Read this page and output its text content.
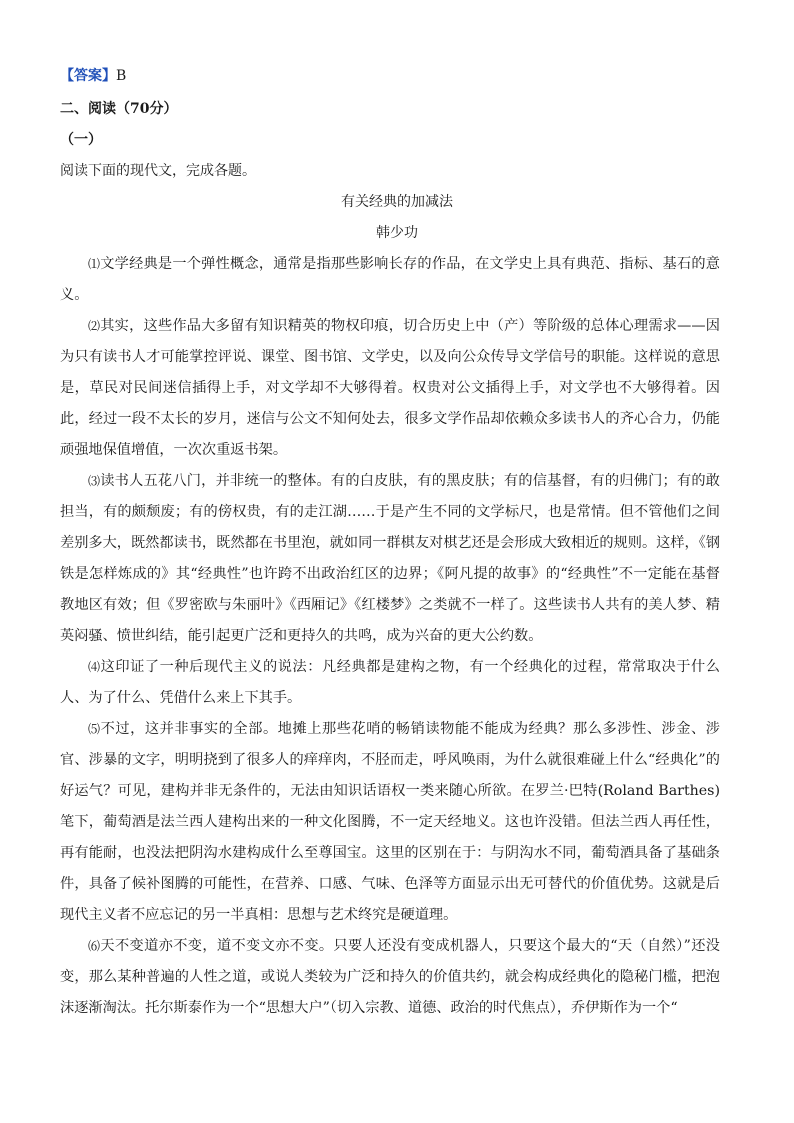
【答案】B
二、阅读（70分）
（一）
阅读下面的现代文，完成各题。
有关经典的加减法
韩少功

⑴文学经典是一个弹性概念，通常是指那些影响长存的作品，在文学史上具有典范、指标、基石的意义。

⑵其实，这些作品大多留有知识精英的物权印痕，切合历史上中（产）等阶级的总体心理需求——因为只有读书人才可能掌控评说、课堂、图书馆、文学史，以及向公众传导文学信号的职能。这样说的意思是，草民对民间迷信插得上手，对文学却不大够得着。权贵对公文插得上手，对文学也不大够得着。因此，经过一段不太长的岁月，迷信与公文不知何处去，很多文学作品却依赖众多读书人的齐心合力，仍能顽强地保值增值，一次次重返书架。

⑶读书人五花八门，并非统一的整体。有的白皮肤，有的黑皮肤；有的信基督，有的归佛门；有的敢担当，有的颇颓废；有的傍权贵，有的走江湖……于是产生不同的文学标尺，也是常情。但不管他们之间差别多大，既然都读书，既然都在书里泡，就如同一群棋友对棋艺还是会形成大致相近的规则。这样，《钢铁是怎样炼成的》其“经典性”也许跨不出政治红区的边界；《阿凡提的故事》的“经典性”不一定能在基督教地区有效；但《罗密欧与朱丽叶》《西厢记》《红楼梦》之类就不一样了。这些读书人共有的美人梦、精英闷骚、愤世纠结，能引起更广泛和更持久的共鸣，成为兴奋的更大公约数。

⑷这印证了一种后现代主义的说法：凡经典都是建构之物，有一个经典化的过程，常常取决于什么人、为了什么、凭借什么来上下其手。

⑸不过，这并非事实的全部。地摊上那些花哨的畅销读物能不能成为经典？那么多涉性、涉金、涉官、涉暴的文字，明明挠到了很多人的痒痒肉，不胫而走，呼风唤雨，为什么就很难碰上什么“经典化”的好运气？可见，建构并非无条件的，无法由知识话语权一类来随心所欲。在罗兰·巴特(Roland Barthes)笔下，葡萄酒是法兰西人建构出来的一种文化图腾，不一定天经地义。这也许没错。但法兰西人再任性，再有能耐，也没法把阴沟水建构成什么至尊国宝。这里的区别在于：与阴沟水不同，葡萄酒具备了基础条件，具备了候补图腾的可能性，在营养、口感、气味、色泽等方面显示出无可替代的价值优势。这就是后现代主义者不应忘记的另一半真相：思想与艺术终究是硬道理。

⑹天不变道亦不变，道不变文亦不变。只要人还没有变成机器人，只要这个最大的“天（自然）”还没变，那么某种普遍的人性之道，或说人类较为广泛和持久的价值共约，就会构成经典化的隐秘门槛，把泡沫逐渐淘汰。托尔斯泰作为一个“思想大户”（切入宗教、道德、政治的时代焦点），乔伊斯作为一个“
